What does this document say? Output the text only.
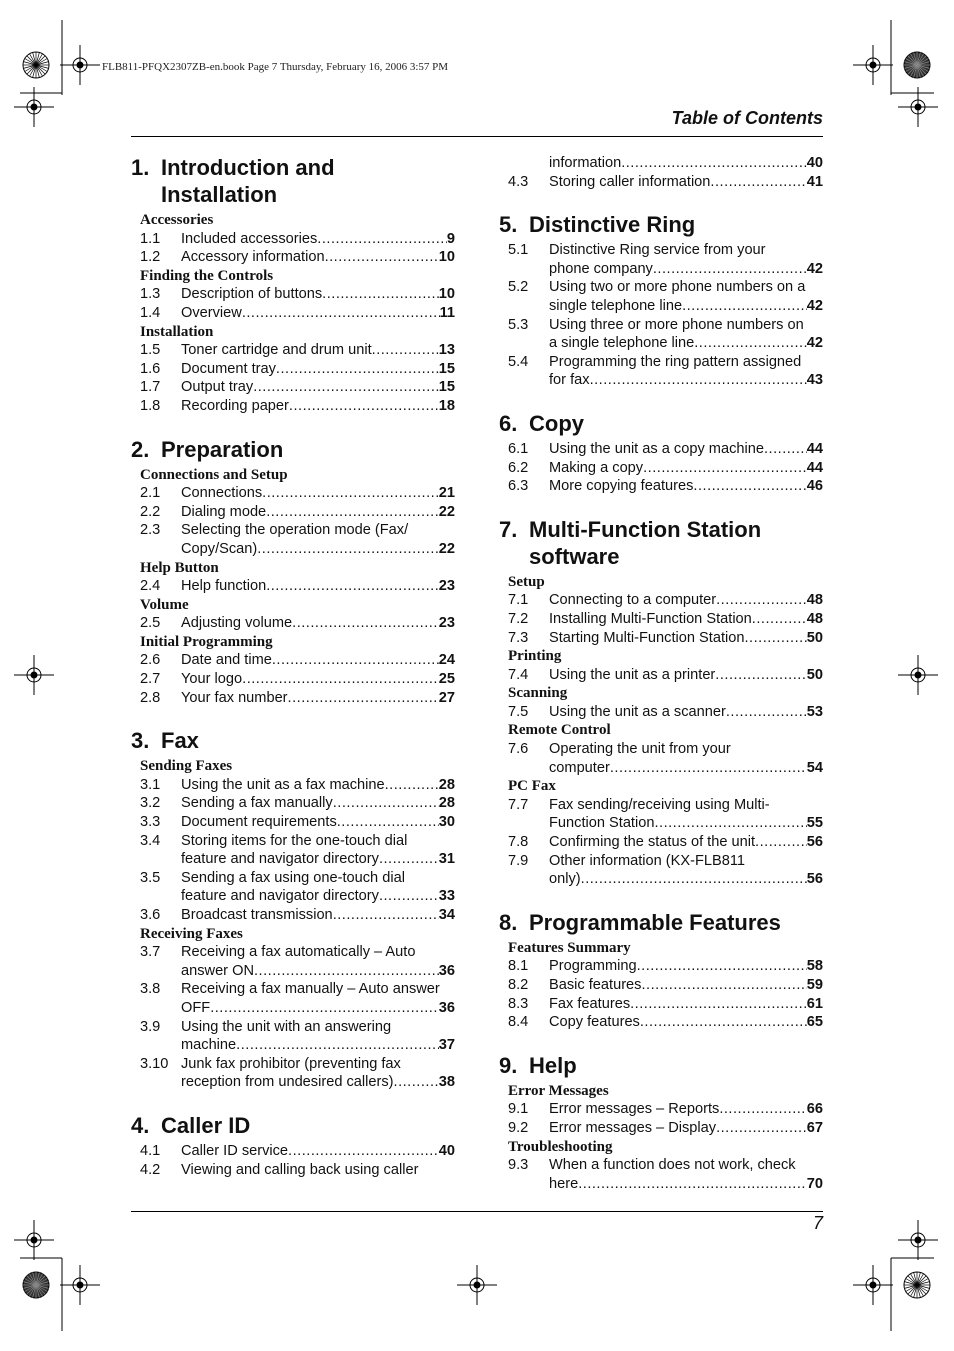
FLB811-PFQX2307ZB-en.book Page 7 Thursday, February 16, 2006 3:57 PM
Table of Contents
1. Introduction and
Installation
Accessories
1.1	Included accessories .....	9
1.2	Accessory information .....	10
Finding the Controls
1.3	Description of buttons .....	10
1.4	Overview .....	11
Installation
1.5	Toner cartridge and drum unit .....	13
1.6	Document tray .....	15
1.7	Output tray .....	15
1.8	Recording paper .....	18
2. Preparation
Connections and Setup
2.1	Connections .....	21
2.2	Dialing mode .....	22
2.3	Selecting the operation mode (Fax/
Copy/Scan) .....	22
Help Button
2.4	Help function .....	23
Volume
2.5	Adjusting volume .....	23
Initial Programming
2.6	Date and time .....	24
2.7	Your logo .....	25
2.8	Your fax number .....	27
3. Fax
Sending Faxes
3.1	Using the unit as a fax machine .....	28
3.2	Sending a fax manually .....	28
3.3	Document requirements .....	30
3.4	Storing items for the one-touch dial
feature and navigator directory .....	31
3.5	Sending a fax using one-touch dial
feature and navigator directory .....	33
3.6	Broadcast transmission .....	34
Receiving Faxes
3.7	Receiving a fax automatically – Auto
answer ON .....	36
3.8	Receiving a fax manually – Auto answer
OFF .....	36
3.9	Using the unit with an answering
machine .....	37
3.10 Junk fax prohibitor (preventing fax
reception from undesired callers) .....	38
4. Caller ID
4.1	Caller ID service .....	40
4.2	Viewing and calling back using caller
information .....	40
4.3	Storing caller information .....	41
5. Distinctive Ring
5.1	Distinctive Ring service from your
phone company .....	42
5.2	Using two or more phone numbers on a
single telephone line .....	42
5.3	Using three or more phone numbers on
a single telephone line .....	42
5.4	Programming the ring pattern assigned
for fax .....	43
6. Copy
6.1	Using the unit as a copy machine .....	44
6.2	Making a copy .....	44
6.3	More copying features .....	46
7. Multi-Function Station
software
Setup
7.1	Connecting to a computer .....	48
7.2	Installing Multi-Function Station .....	48
7.3	Starting Multi-Function Station .....	50
Printing
7.4	Using the unit as a printer .....	50
Scanning
7.5	Using the unit as a scanner .....	53
Remote Control
7.6	Operating the unit from your
computer .....	54
PC Fax
7.7	Fax sending/receiving using Multi-
Function Station .....	55
7.8	Confirming the status of the unit .....	56
7.9	Other information (KX-FLB811
only) .....	56
8. Programmable Features
Features Summary
8.1	Programming .....	58
8.2	Basic features .....	59
8.3	Fax features .....	61
8.4	Copy features .....	65
9. Help
Error Messages
9.1	Error messages – Reports .....	66
9.2	Error messages – Display .....	67
Troubleshooting
9.3	When a function does not work, check
here .....	70
7
